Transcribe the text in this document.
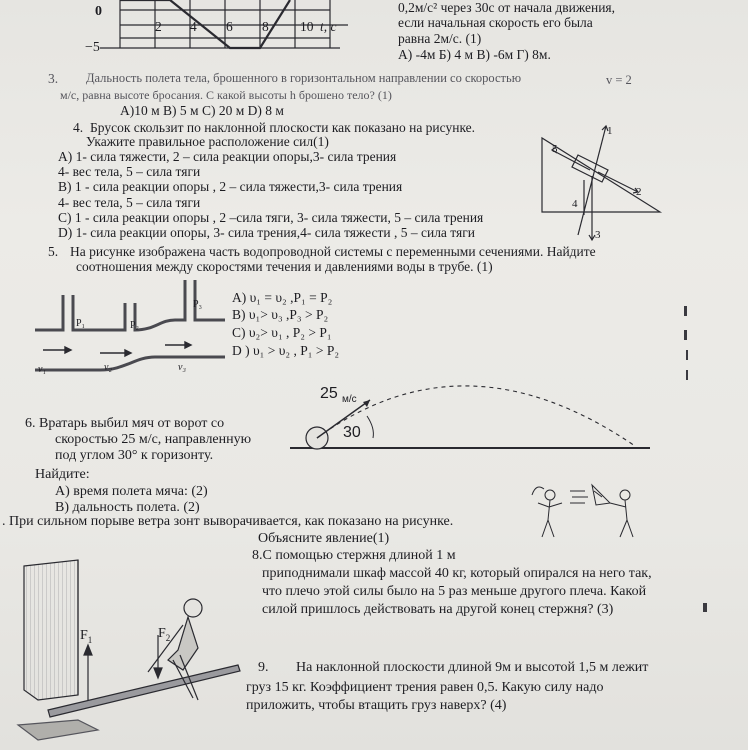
0
−5
2 4 6 8 10 t, c
0,2м/с² через 30с от начала движения,
если начальная скорость его была
равна 2м/с. (1)
А) -4м Б) 4 м В) -6м Г) 8м.
3. Дальность полета тела, брошенного в горизонтальном направлении со скоростью	v = 2
м/с, равна высоте бросания. С какой высоты h брошено тело? (1)
А)10 м В) 5 м С) 20 м D) 8 м
4. Брусок скользит по наклонной плоскости как показано на рисунке.
Укажите правильное расположение сил(1)
А) 1- сила тяжести, 2 – сила реакции опоры,3- сила трения
4- вес тела, 5 – сила тяги
В) 1 - сила реакции опоры , 2 – сила тяжести,3- сила трения
4- вес тела, 5 – сила тяги
С) 1 - сила реакции опоры , 2 –сила тяги, 3- сила тяжести, 5 – сила трения
D) 1- сила реакции опоры, 3- сила трения,4- сила тяжести , 5 – сила тяги
1
2
3
4
5
5. На рисунке изображена часть водопроводной системы с переменными сечениями. Найдите
соотношения между скоростями течения и давлениями воды в трубе. (1)
P₁	P₂
P₃
v₁	v₂	v₃
А) υ₁ = υ₂ ,P₁ = P₂
В) υ₁> υ₃ ,P₃ > P₂
С) υ₂> υ₁ , P₂ > P₁
D ) υ₁ > υ₂ , P₁ > P₂
25 м/с
30
6. Вратарь выбил мяч от ворот со
скоростью 25 м/с, направленную
под углом 30° к горизонту.
Найдите:
А) время полета мяча: (2)
В) дальность полета. (2)
. При сильном порыве ветра зонт выворачивается, как показано на рисунке.
Объясните явление(1)
8.С помощью стержня длиной 1 м
приподнимали шкаф массой 40 кг, который опирался на него так,
что плечо этой силы было на 5 раз меньше другого плеча. Какой
силой пришлось действовать на другой конец стержня? (3)
$F_1$	$F_2$
9. На наклонной плоскости длиной 9м и высотой 1,5 м лежит
груз 15 кг. Коэффициент трения равен 0,5. Какую силу надо
приложить, чтобы втащить груз наверх? (4)
